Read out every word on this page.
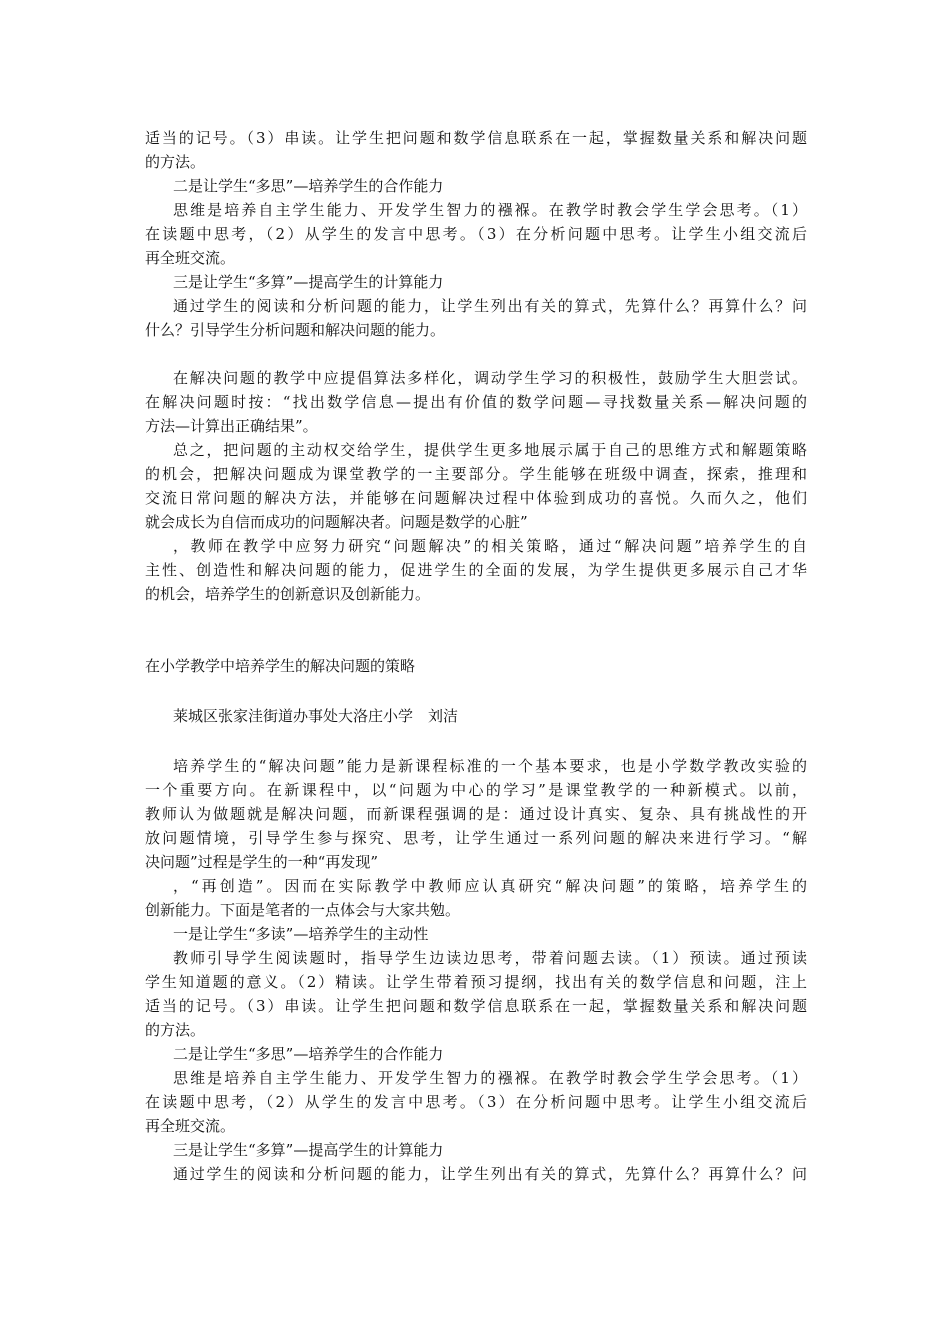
适当的记号。（3）串读。让学生把问题和数学信息联系在一起，掌握数量关系和解决问题
的方法。
二是让学生“多思”—培养学生的合作能力
思维是培养自主学生能力、开发学生智力的襁褓。在教学时教会学生学会思考。（1）
在读题中思考，（2）从学生的发言中思考。（3）在分析问题中思考。让学生小组交流后
再全班交流。
三是让学生“多算”—提高学生的计算能力
通过学生的阅读和分析问题的能力，让学生列出有关的算式，先算什么？再算什么？问
什么？引导学生分析问题和解决问题的能力。
在解决问题的教学中应提倡算法多样化，调动学生学习的积极性，鼓励学生大胆尝试。
在解决问题时按：“找出数学信息—提出有价值的数学问题—寻找数量关系—解决问题的
方法—计算出正确结果”。
总之，把问题的主动权交给学生，提供学生更多地展示属于自己的思维方式和解题策略
的机会，把解决问题成为课堂教学的一主要部分。学生能够在班级中调查，探索，推理和
交流日常问题的解决方法，并能够在问题解决过程中体验到成功的喜悦。久而久之，他们
就会成长为自信而成功的问题解决者。问题是数学的心脏”
，教师在教学中应努力研究“问题解决”的相关策略，通过“解决问题”培养学生的自
主性、创造性和解决问题的能力，促进学生的全面的发展，为学生提供更多展示自己才华
的机会，培养学生的创新意识及创新能力。
在小学教学中培养学生的解决问题的策略
莱城区张家洼街道办事处大洛庄小学　刘洁
培养学生的“解决问题”能力是新课程标准的一个基本要求，也是小学数学教改实验的
一个重要方向。在新课程中，以“问题为中心的学习”是课堂教学的一种新模式。以前，
教师认为做题就是解决问题，而新课程强调的是：通过设计真实、复杂、具有挑战性的开
放问题情境，引导学生参与探究、思考，让学生通过一系列问题的解决来进行学习。“解
决问题”过程是学生的一种“再发现”
，“再创造”。因而在实际教学中教师应认真研究“解决问题”的策略，培养学生的
创新能力。下面是笔者的一点体会与大家共勉。
一是让学生“多读”—培养学生的主动性
教师引导学生阅读题时，指导学生边读边思考，带着问题去读。（1）预读。通过预读
学生知道题的意义。（2）精读。让学生带着预习提纲，找出有关的数学信息和问题，注上
适当的记号。（3）串读。让学生把问题和数学信息联系在一起，掌握数量关系和解决问题
的方法。
二是让学生“多思”—培养学生的合作能力
思维是培养自主学生能力、开发学生智力的襁褓。在教学时教会学生学会思考。（1）
在读题中思考，（2）从学生的发言中思考。（3）在分析问题中思考。让学生小组交流后
再全班交流。
三是让学生“多算”—提高学生的计算能力
通过学生的阅读和分析问题的能力，让学生列出有关的算式，先算什么？再算什么？问
